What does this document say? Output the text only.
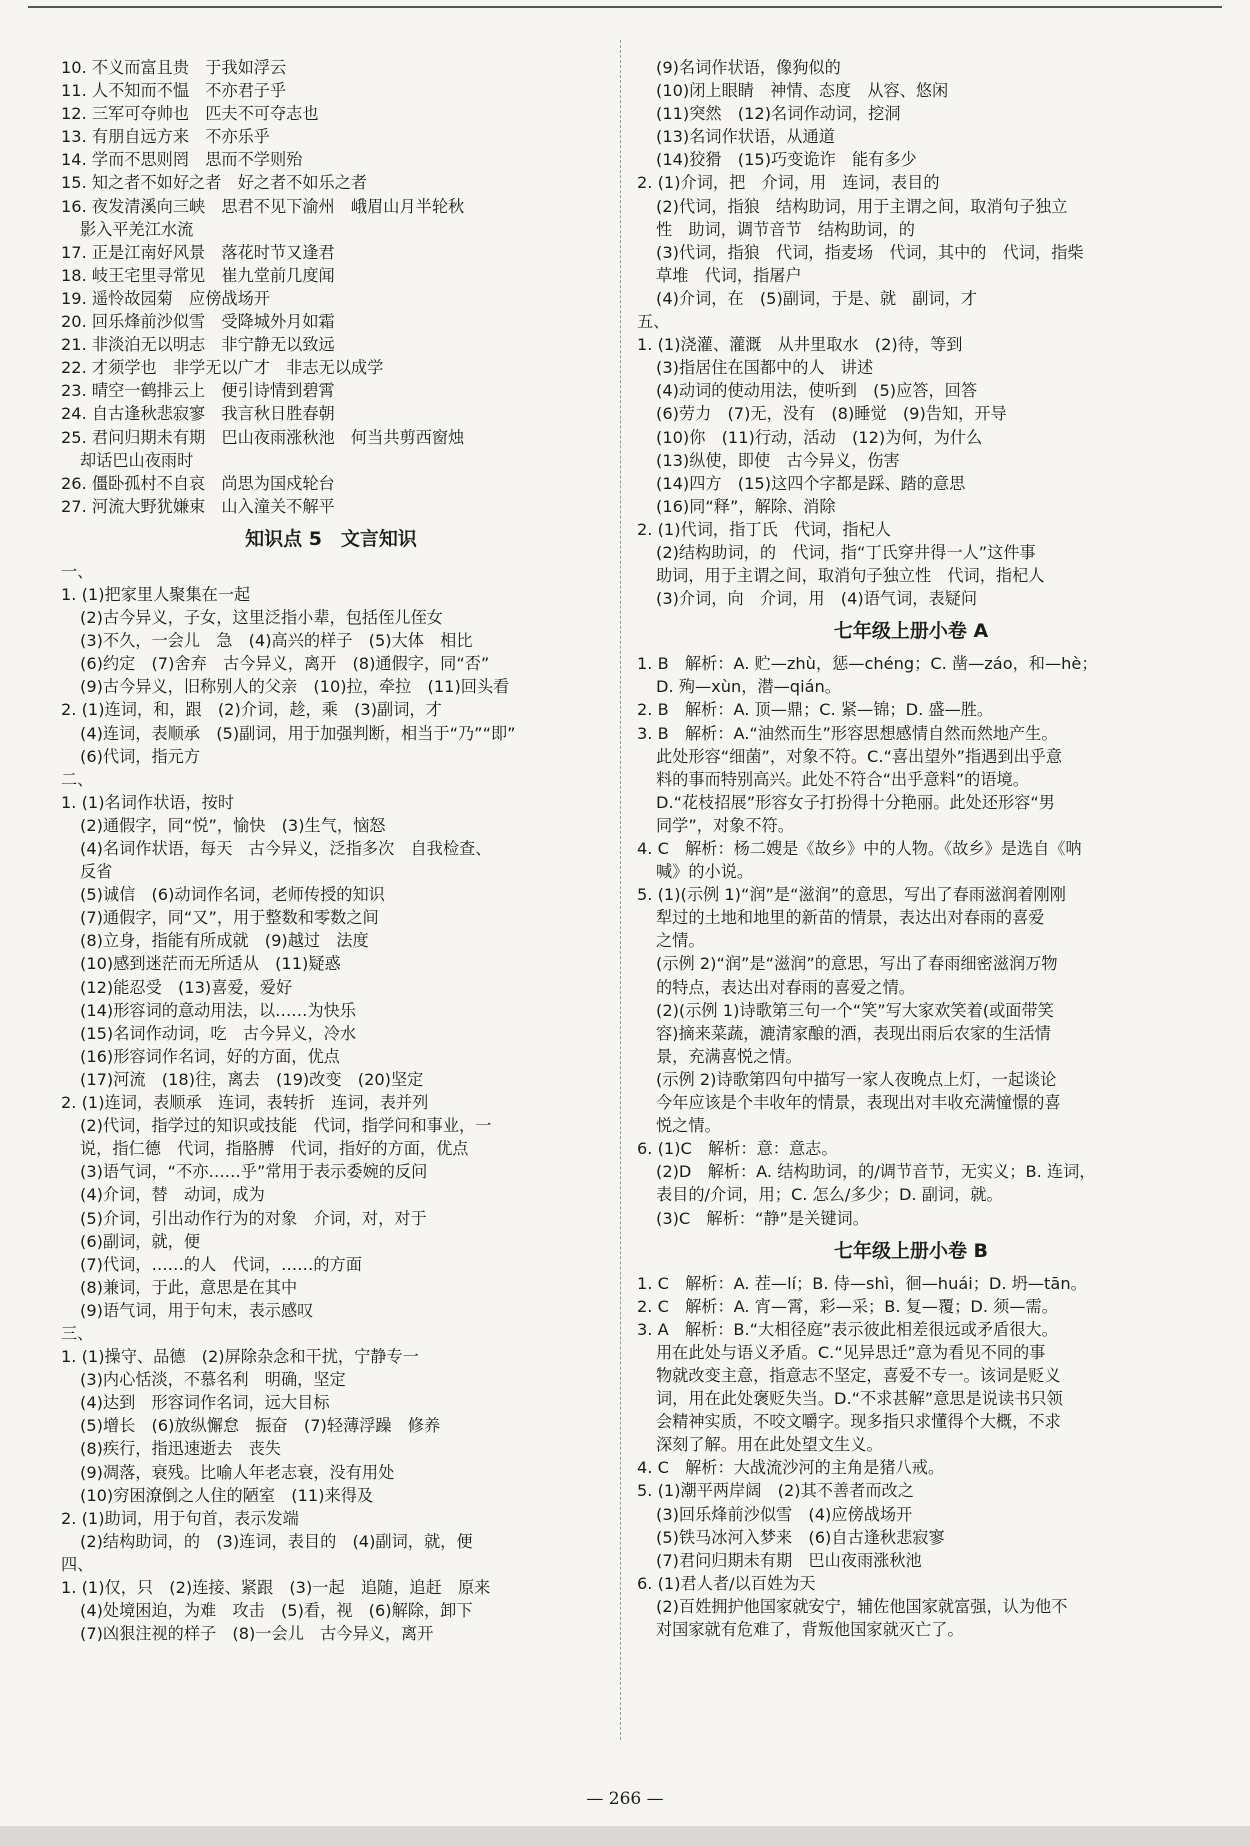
10. 不义而富且贵　于我如浮云
11. 人不知而不愠　不亦君子乎
12. 三军可夺帅也　匹夫不可夺志也
13. 有朋自远方来　不亦乐乎
14. 学而不思则罔　思而不学则殆
15. 知之者不如好之者　好之者不如乐之者
16. 夜发清溪向三峡　思君不见下渝州　峨眉山月半轮秋
影入平羌江水流
17. 正是江南好风景　落花时节又逢君
18. 岐王宅里寻常见　崔九堂前几度闻
19. 遥怜故园菊　应傍战场开
20. 回乐烽前沙似雪　受降城外月如霜
21. 非淡泊无以明志　非宁静无以致远
22. 才须学也　非学无以广才　非志无以成学
23. 晴空一鹤排云上　便引诗情到碧霄
24. 自古逢秋悲寂寥　我言秋日胜春朝
25. 君问归期未有期　巴山夜雨涨秋池　何当共剪西窗烛
却话巴山夜雨时
26. 僵卧孤村不自哀　尚思为国戍轮台
27. 河流大野犹嫌束　山入潼关不解平
知识点 5　文言知识
一、
1. (1)把家里人聚集在一起
(2)古今异义，子女，这里泛指小辈，包括侄儿侄女
(3)不久，一会儿　急　(4)高兴的样子　(5)大体　相比
(6)约定　(7)舍弃　古今异义，离开　(8)通假字，同“否”
(9)古今异义，旧称别人的父亲　(10)拉，牵拉　(11)回头看
2. (1)连词，和，跟　(2)介词，趁，乘　(3)副词，才
(4)连词，表顺承　(5)副词，用于加强判断，相当于“乃”“即”
(6)代词，指元方
二、
1. (1)名词作状语，按时
(2)通假字，同“悦”，愉快　(3)生气，恼怒
(4)名词作状语，每天　古今异义，泛指多次　自我检查、
反省
(5)诚信　(6)动词作名词，老师传授的知识
(7)通假字，同“又”，用于整数和零数之间
(8)立身，指能有所成就　(9)越过　法度
(10)感到迷茫而无所适从　(11)疑惑
(12)能忍受　(13)喜爱，爱好
(14)形容词的意动用法，以……为快乐
(15)名词作动词，吃　古今异义，冷水
(16)形容词作名词，好的方面，优点
(17)河流　(18)往，离去　(19)改变　(20)坚定
2. (1)连词，表顺承　连词，表转折　连词，表并列
(2)代词，指学过的知识或技能　代词，指学问和事业，一
说，指仁德　代词，指胳膊　代词，指好的方面，优点
(3)语气词，“不亦……乎”常用于表示委婉的反问
(4)介词，替　动词，成为
(5)介词，引出动作行为的对象　介词，对，对于
(6)副词，就，便
(7)代词，……的人　代词，……的方面
(8)兼词，于此，意思是在其中
(9)语气词，用于句末，表示感叹
三、
1. (1)操守、品德　(2)屏除杂念和干扰，宁静专一
(3)内心恬淡，不慕名利　明确，坚定
(4)达到　形容词作名词，远大目标
(5)增长　(6)放纵懈怠　振奋　(7)轻薄浮躁　修养
(8)疾行，指迅速逝去　丧失
(9)凋落，衰残。比喻人年老志衰，没有用处
(10)穷困潦倒之人住的陋室　(11)来得及
2. (1)助词，用于句首，表示发端
(2)结构助词，的　(3)连词，表目的　(4)副词，就，便
四、
1. (1)仅，只　(2)连接、紧跟　(3)一起　追随，追赶　原来
(4)处境困迫，为难　攻击　(5)看，视　(6)解除，卸下
(7)凶狠注视的样子　(8)一会儿　古今异义，离开
(9)名词作状语，像狗似的
(10)闭上眼睛　神情、态度　从容、悠闲
(11)突然　(12)名词作动词，挖洞
(13)名词作状语，从通道
(14)狡猾　(15)巧变诡诈　能有多少
2. (1)介词，把　介词，用　连词，表目的
(2)代词，指狼　结构助词，用于主谓之间，取消句子独立
性　助词，调节音节　结构助词，的
(3)代词，指狼　代词，指麦场　代词，其中的　代词，指柴
草堆　代词，指屠户
(4)介词，在　(5)副词，于是、就　副词，才
五、
1. (1)浇灌、灌溉　从井里取水　(2)待，等到
(3)指居住在国都中的人　讲述
(4)动词的使动用法，使听到　(5)应答，回答
(6)劳力　(7)无，没有　(8)睡觉　(9)告知，开导
(10)你　(11)行动，活动　(12)为何，为什么
(13)纵使，即使　古今异义，伤害
(14)四方　(15)这四个字都是踩、踏的意思
(16)同“释”，解除、消除
2. (1)代词，指丁氏　代词，指杞人
(2)结构助词，的　代词，指“丁氏穿井得一人”这件事
助词，用于主谓之间，取消句子独立性　代词，指杞人
(3)介词，向　介词，用　(4)语气词，表疑问
七年级上册小卷 A
1. B　解析：A. 贮—zhù，惩—chéng；C. 凿—záo，和—hè；
D. 殉—xùn，潜—qián。
2. B　解析：A. 顶—鼎；C. 紧—锦；D. 盛—胜。
3. B　解析：A.“油然而生”形容思想感情自然而然地产生。
此处形容“细菌”，对象不符。C.“喜出望外”指遇到出乎意
料的事而特别高兴。此处不符合“出乎意料”的语境。
D.“花枝招展”形容女子打扮得十分艳丽。此处还形容“男
同学”，对象不符。
4. C　解析：杨二嫂是《故乡》中的人物。《故乡》是选自《呐
喊》的小说。
5. (1)(示例 1)“润”是“滋润”的意思，写出了春雨滋润着刚刚
犁过的土地和地里的新苗的情景，表达出对春雨的喜爱
之情。
(示例 2)“润”是“滋润”的意思，写出了春雨细密滋润万物
的特点，表达出对春雨的喜爱之情。
(2)(示例 1)诗歌第三句一个“笑”写大家欢笑着(或面带笑
容)摘来菜蔬，漉清家酿的酒，表现出雨后农家的生活情
景，充满喜悦之情。
(示例 2)诗歌第四句中描写一家人夜晚点上灯，一起谈论
今年应该是个丰收年的情景，表现出对丰收充满憧憬的喜
悦之情。
6. (1)C　解析：意：意志。
(2)D　解析：A. 结构助词，的/调节音节，无实义；B. 连词，
表目的/介词，用；C. 怎么/多少；D. 副词，就。
(3)C　解析：“静”是关键词。
七年级上册小卷 B
1. C　解析：A. 茬—lí；B. 侍—shì，徊—huái；D. 坍—tān。
2. C　解析：A. 宵—霄，彩—采；B. 复—覆；D. 须—需。
3. A　解析：B.“大相径庭”表示彼此相差很远或矛盾很大。
用在此处与语义矛盾。C.“见异思迁”意为看见不同的事
物就改变主意，指意志不坚定，喜爱不专一。该词是贬义
词，用在此处褒贬失当。D.“不求甚解”意思是说读书只领
会精神实质，不咬文嚼字。现多指只求懂得个大概，不求
深刻了解。用在此处望文生义。
4. C　解析：大战流沙河的主角是猪八戒。
5. (1)潮平两岸阔　(2)其不善者而改之
(3)回乐烽前沙似雪　(4)应傍战场开
(5)铁马冰河入梦来　(6)自古逢秋悲寂寥
(7)君问归期未有期　巴山夜雨涨秋池
6. (1)君人者/以百姓为天
(2)百姓拥护他国家就安宁，辅佐他国家就富强，认为他不
对国家就有危难了，背叛他国家就灭亡了。
— 266 —
